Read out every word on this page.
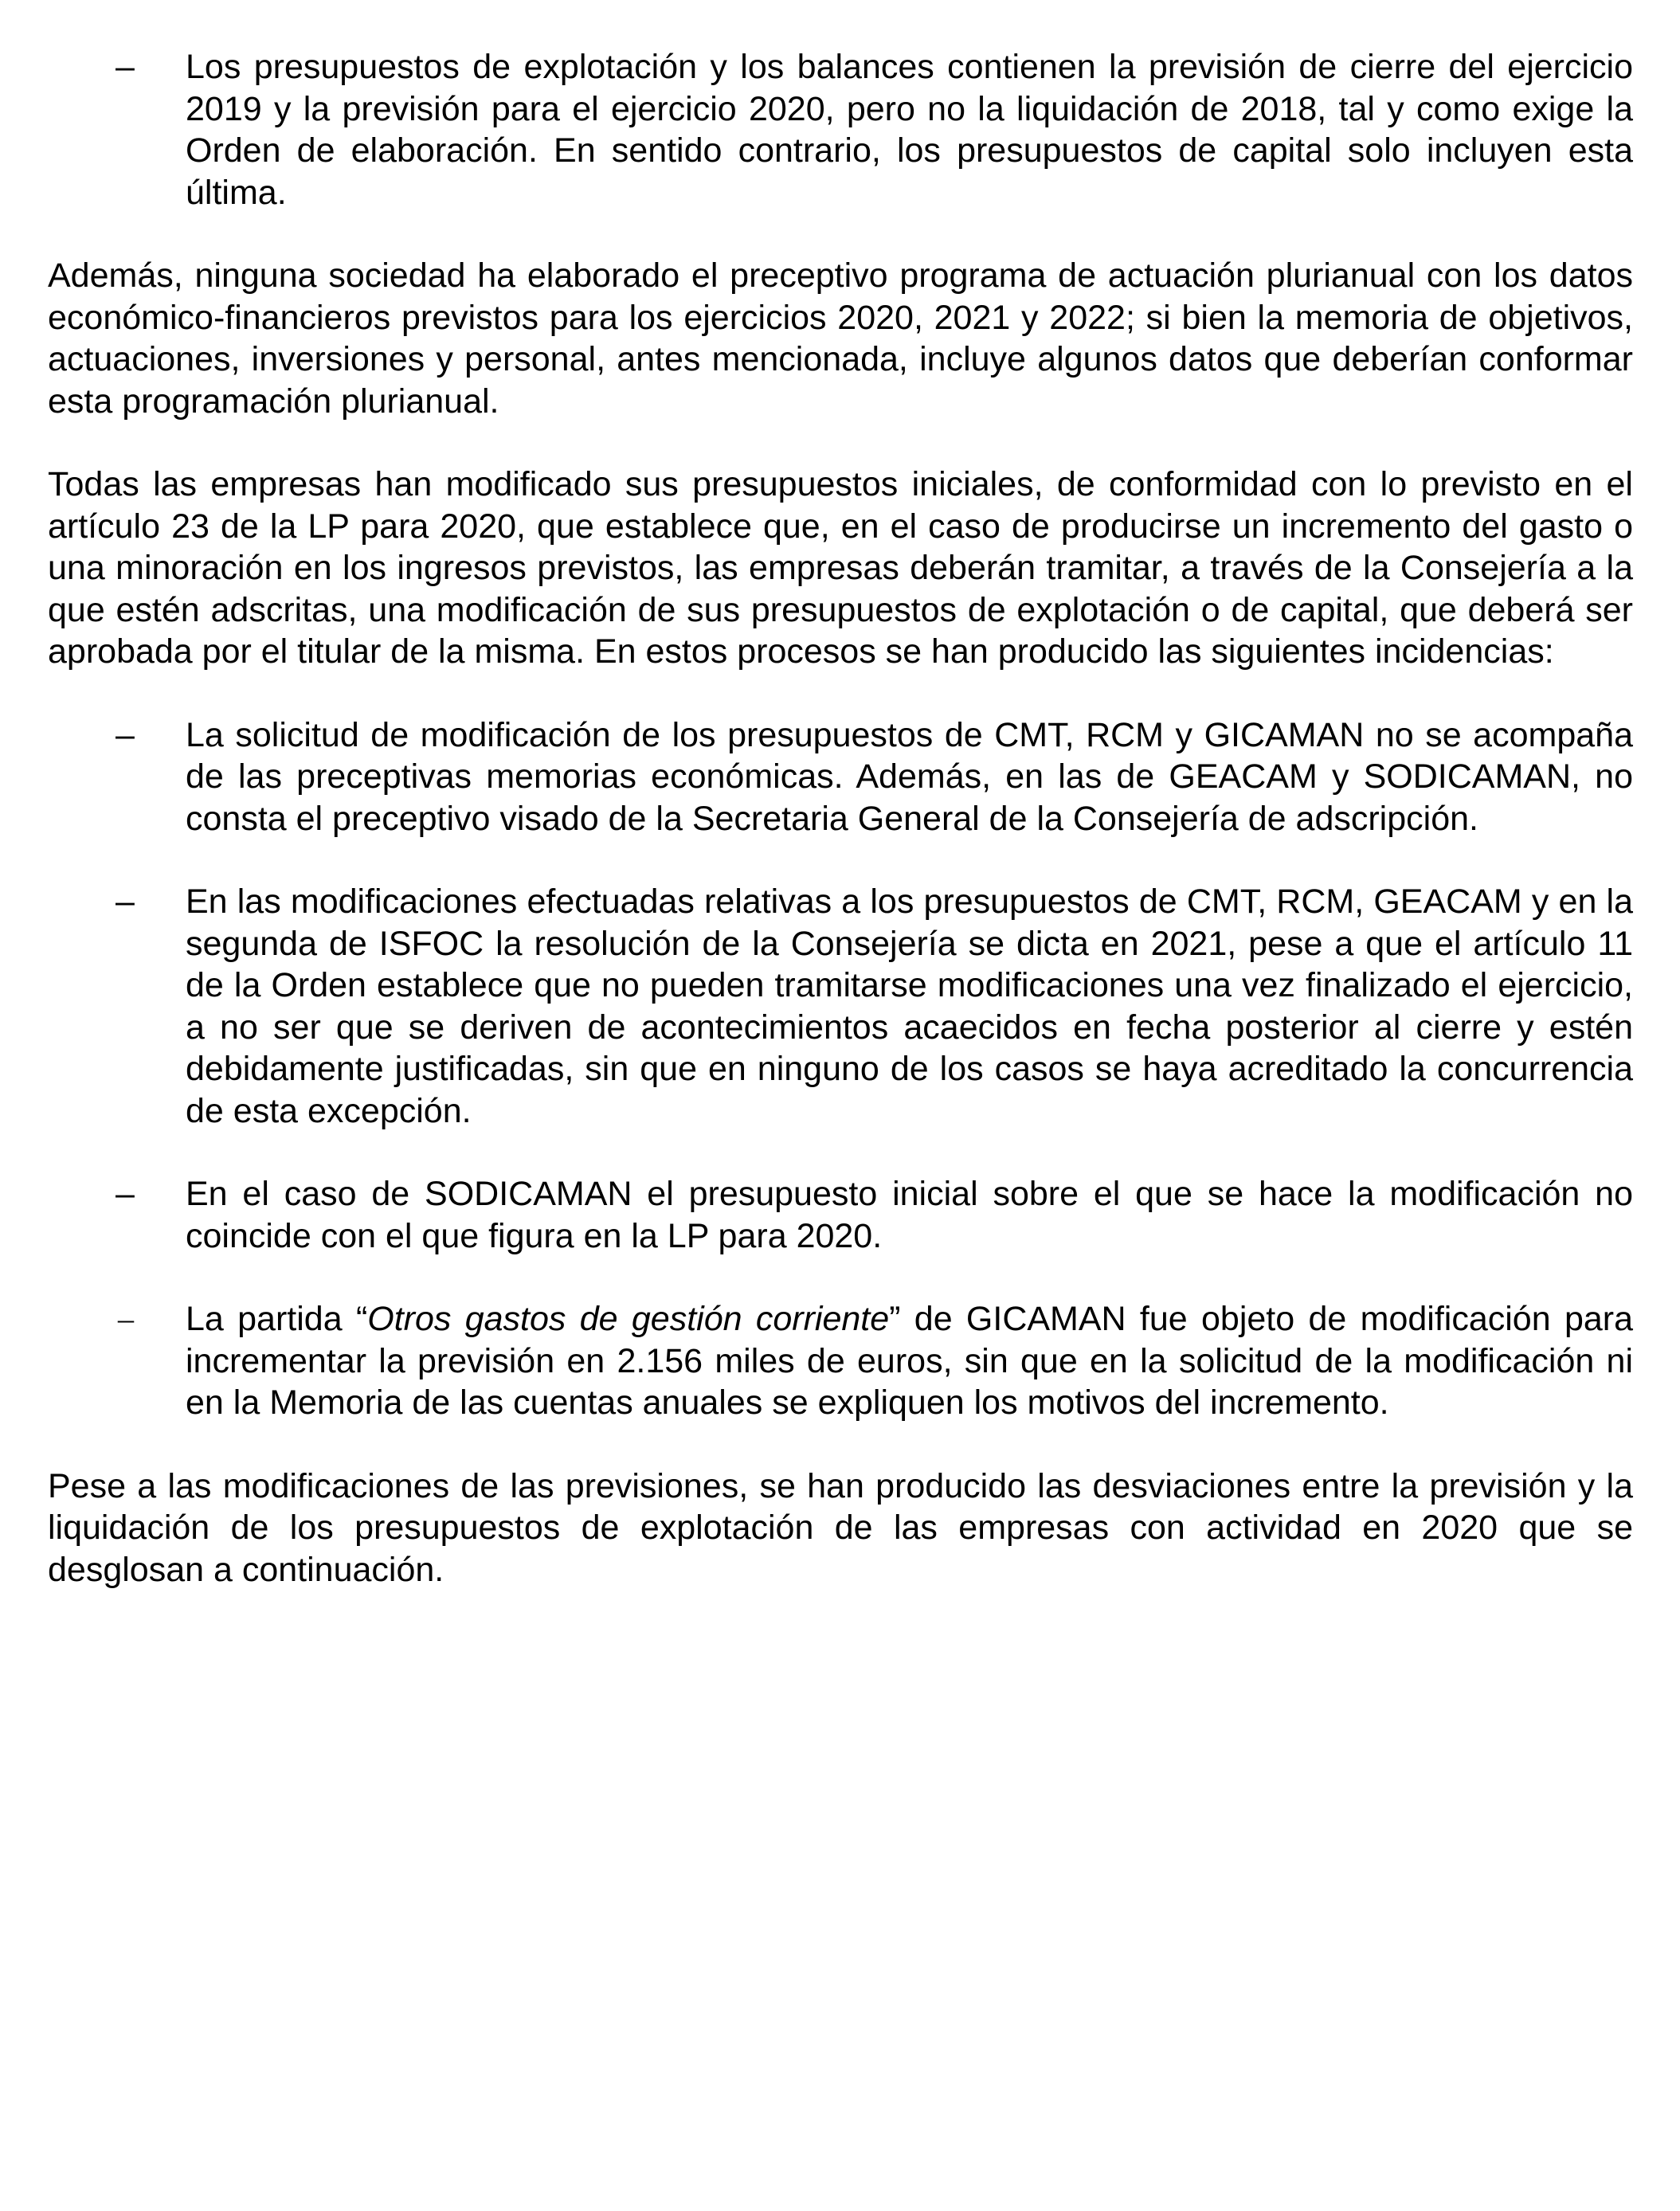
– Los presupuestos de explotación y los balances contienen la previsión de cierre del ejercicio 2019 y la previsión para el ejercicio 2020, pero no la liquidación de 2018, tal y como exige la Orden de elaboración. En sentido contrario, los presupuestos de capital solo incluyen esta última.

Además, ninguna sociedad ha elaborado el preceptivo programa de actuación plurianual con los datos económico-financieros previstos para los ejercicios 2020, 2021 y 2022; si bien la memoria de objetivos, actuaciones, inversiones y personal, antes mencionada, incluye algunos datos que deberían conformar esta programación plurianual.

Todas las empresas han modificado sus presupuestos iniciales, de conformidad con lo previsto en el artículo 23 de la LP para 2020, que establece que, en el caso de producirse un incremento del gasto o una minoración en los ingresos previstos, las empresas deberán tramitar, a través de la Consejería a la que estén adscritas, una modificación de sus presupuestos de explotación o de capital, que deberá ser aprobada por el titular de la misma. En estos procesos se han producido las siguientes incidencias:

– La solicitud de modificación de los presupuestos de CMT, RCM y GICAMAN no se acompaña de las preceptivas memorias económicas. Además, en las de GEACAM y SODICAMAN, no consta el preceptivo visado de la Secretaria General de la Consejería de adscripción.

– En las modificaciones efectuadas relativas a los presupuestos de CMT, RCM, GEACAM y en la segunda de ISFOC la resolución de la Consejería se dicta en 2021, pese a que el artículo 11 de la Orden establece que no pueden tramitarse modificaciones una vez finalizado el ejercicio, a no ser que se deriven de acontecimientos acaecidos en fecha posterior al cierre y estén debidamente justificadas, sin que en ninguno de los casos se haya acreditado la concurrencia de esta excepción.

– En el caso de SODICAMAN el presupuesto inicial sobre el que se hace la modificación no coincide con el que figura en la LP para 2020.

– La partida “Otros gastos de gestión corriente” de GICAMAN fue objeto de modificación para incrementar la previsión en 2.156 miles de euros, sin que en la solicitud de la modificación ni en la Memoria de las cuentas anuales se expliquen los motivos del incremento.

Pese a las modificaciones de las previsiones, se han producido las desviaciones entre la previsión y la liquidación de los presupuestos de explotación de las empresas con actividad en 2020 que se desglosan a continuación.
